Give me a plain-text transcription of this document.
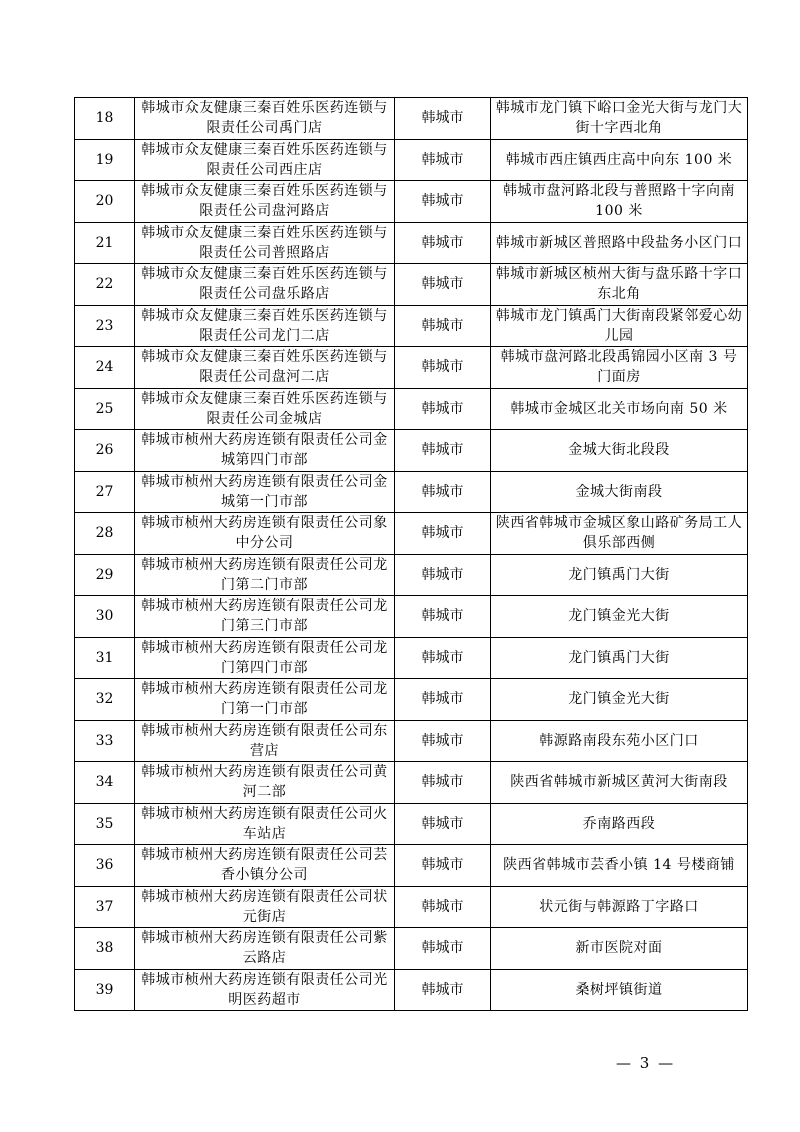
18	韩城市众友健康三秦百姓乐医药连锁与限责任公司禹门店	韩城市	韩城市龙门镇下峪口金光大街与龙门大街十字西北角
19	韩城市众友健康三秦百姓乐医药连锁与限责任公司西庄店	韩城市	韩城市西庄镇西庄高中向东 100 米
20	韩城市众友健康三秦百姓乐医药连锁与限责任公司盘河路店	韩城市	韩城市盘河路北段与普照路十字向南 100 米
21	韩城市众友健康三秦百姓乐医药连锁与限责任公司普照路店	韩城市	韩城市新城区普照路中段盐务小区门口
22	韩城市众友健康三秦百姓乐医药连锁与限责任公司盘乐路店	韩城市	韩城市新城区桢州大街与盘乐路十字口东北角
23	韩城市众友健康三秦百姓乐医药连锁与限责任公司龙门二店	韩城市	韩城市龙门镇禹门大街南段紧邻爱心幼儿园
24	韩城市众友健康三秦百姓乐医药连锁与限责任公司盘河二店	韩城市	韩城市盘河路北段禹锦园小区南 3 号门面房
25	韩城市众友健康三秦百姓乐医药连锁与限责任公司金城店	韩城市	韩城市金城区北关市场向南 50 米
26	韩城市桢州大药房连锁有限责任公司金城第四门市部	韩城市	金城大街北段段
27	韩城市桢州大药房连锁有限责任公司金城第一门市部	韩城市	金城大街南段
28	韩城市桢州大药房连锁有限责任公司象中分公司	韩城市	陕西省韩城市金城区象山路矿务局工人俱乐部西侧
29	韩城市桢州大药房连锁有限责任公司龙门第二门市部	韩城市	龙门镇禹门大街
30	韩城市桢州大药房连锁有限责任公司龙门第三门市部	韩城市	龙门镇金光大街
31	韩城市桢州大药房连锁有限责任公司龙门第四门市部	韩城市	龙门镇禹门大街
32	韩城市桢州大药房连锁有限责任公司龙门第一门市部	韩城市	龙门镇金光大街
33	韩城市桢州大药房连锁有限责任公司东营店	韩城市	韩源路南段东苑小区门口
34	韩城市桢州大药房连锁有限责任公司黄河二部	韩城市	陕西省韩城市新城区黄河大街南段
35	韩城市桢州大药房连锁有限责任公司火车站店	韩城市	乔南路西段
36	韩城市桢州大药房连锁有限责任公司芸香小镇分公司	韩城市	陕西省韩城市芸香小镇 14 号楼商铺
37	韩城市桢州大药房连锁有限责任公司状元街店	韩城市	状元街与韩源路丁字路口
38	韩城市桢州大药房连锁有限责任公司紫云路店	韩城市	新市医院对面
39	韩城市桢州大药房连锁有限责任公司光明医药超市	韩城市	桑树坪镇街道
— 3 —
